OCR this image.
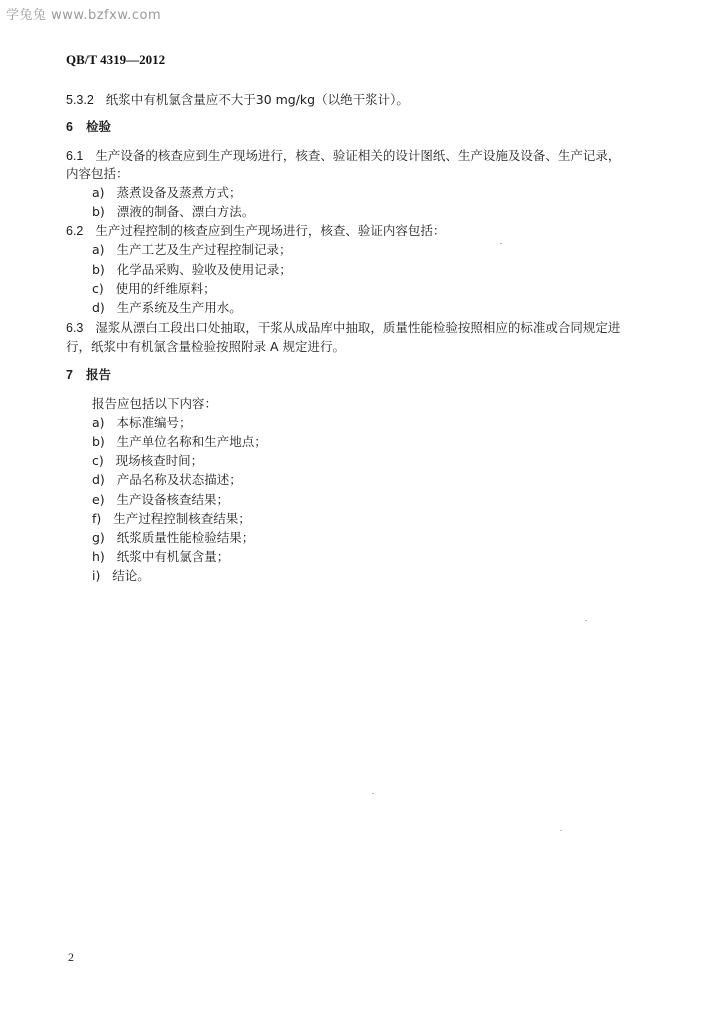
学兔兔 www.bzfxw.com
QB/T 4319—2012
5.3.2 纸浆中有机氯含量应不大于30 mg/kg（以绝干浆计）。
6 检验
6.1 生产设备的核查应到生产现场进行，核查、验证相关的设计图纸、生产设施及设备、生产记录，
内容包括：
a) 蒸煮设备及蒸煮方式；
b) 漂液的制备、漂白方法。
6.2 生产过程控制的核查应到生产现场进行，核查、验证内容包括：
a) 生产工艺及生产过程控制记录；
b) 化学品采购、验收及使用记录；
c) 使用的纤维原料；
d) 生产系统及生产用水。
6.3 湿浆从漂白工段出口处抽取，干浆从成品库中抽取，质量性能检验按照相应的标准或合同规定进
行，纸浆中有机氯含量检验按照附录 A 规定进行。
7 报告
报告应包括以下内容：
a) 本标准编号；
b) 生产单位名称和生产地点；
c) 现场核查时间；
d) 产品名称及状态描述；
e) 生产设备核查结果；
f) 生产过程控制核查结果；
g) 纸浆质量性能检验结果；
h) 纸浆中有机氯含量；
i) 结论。
2
